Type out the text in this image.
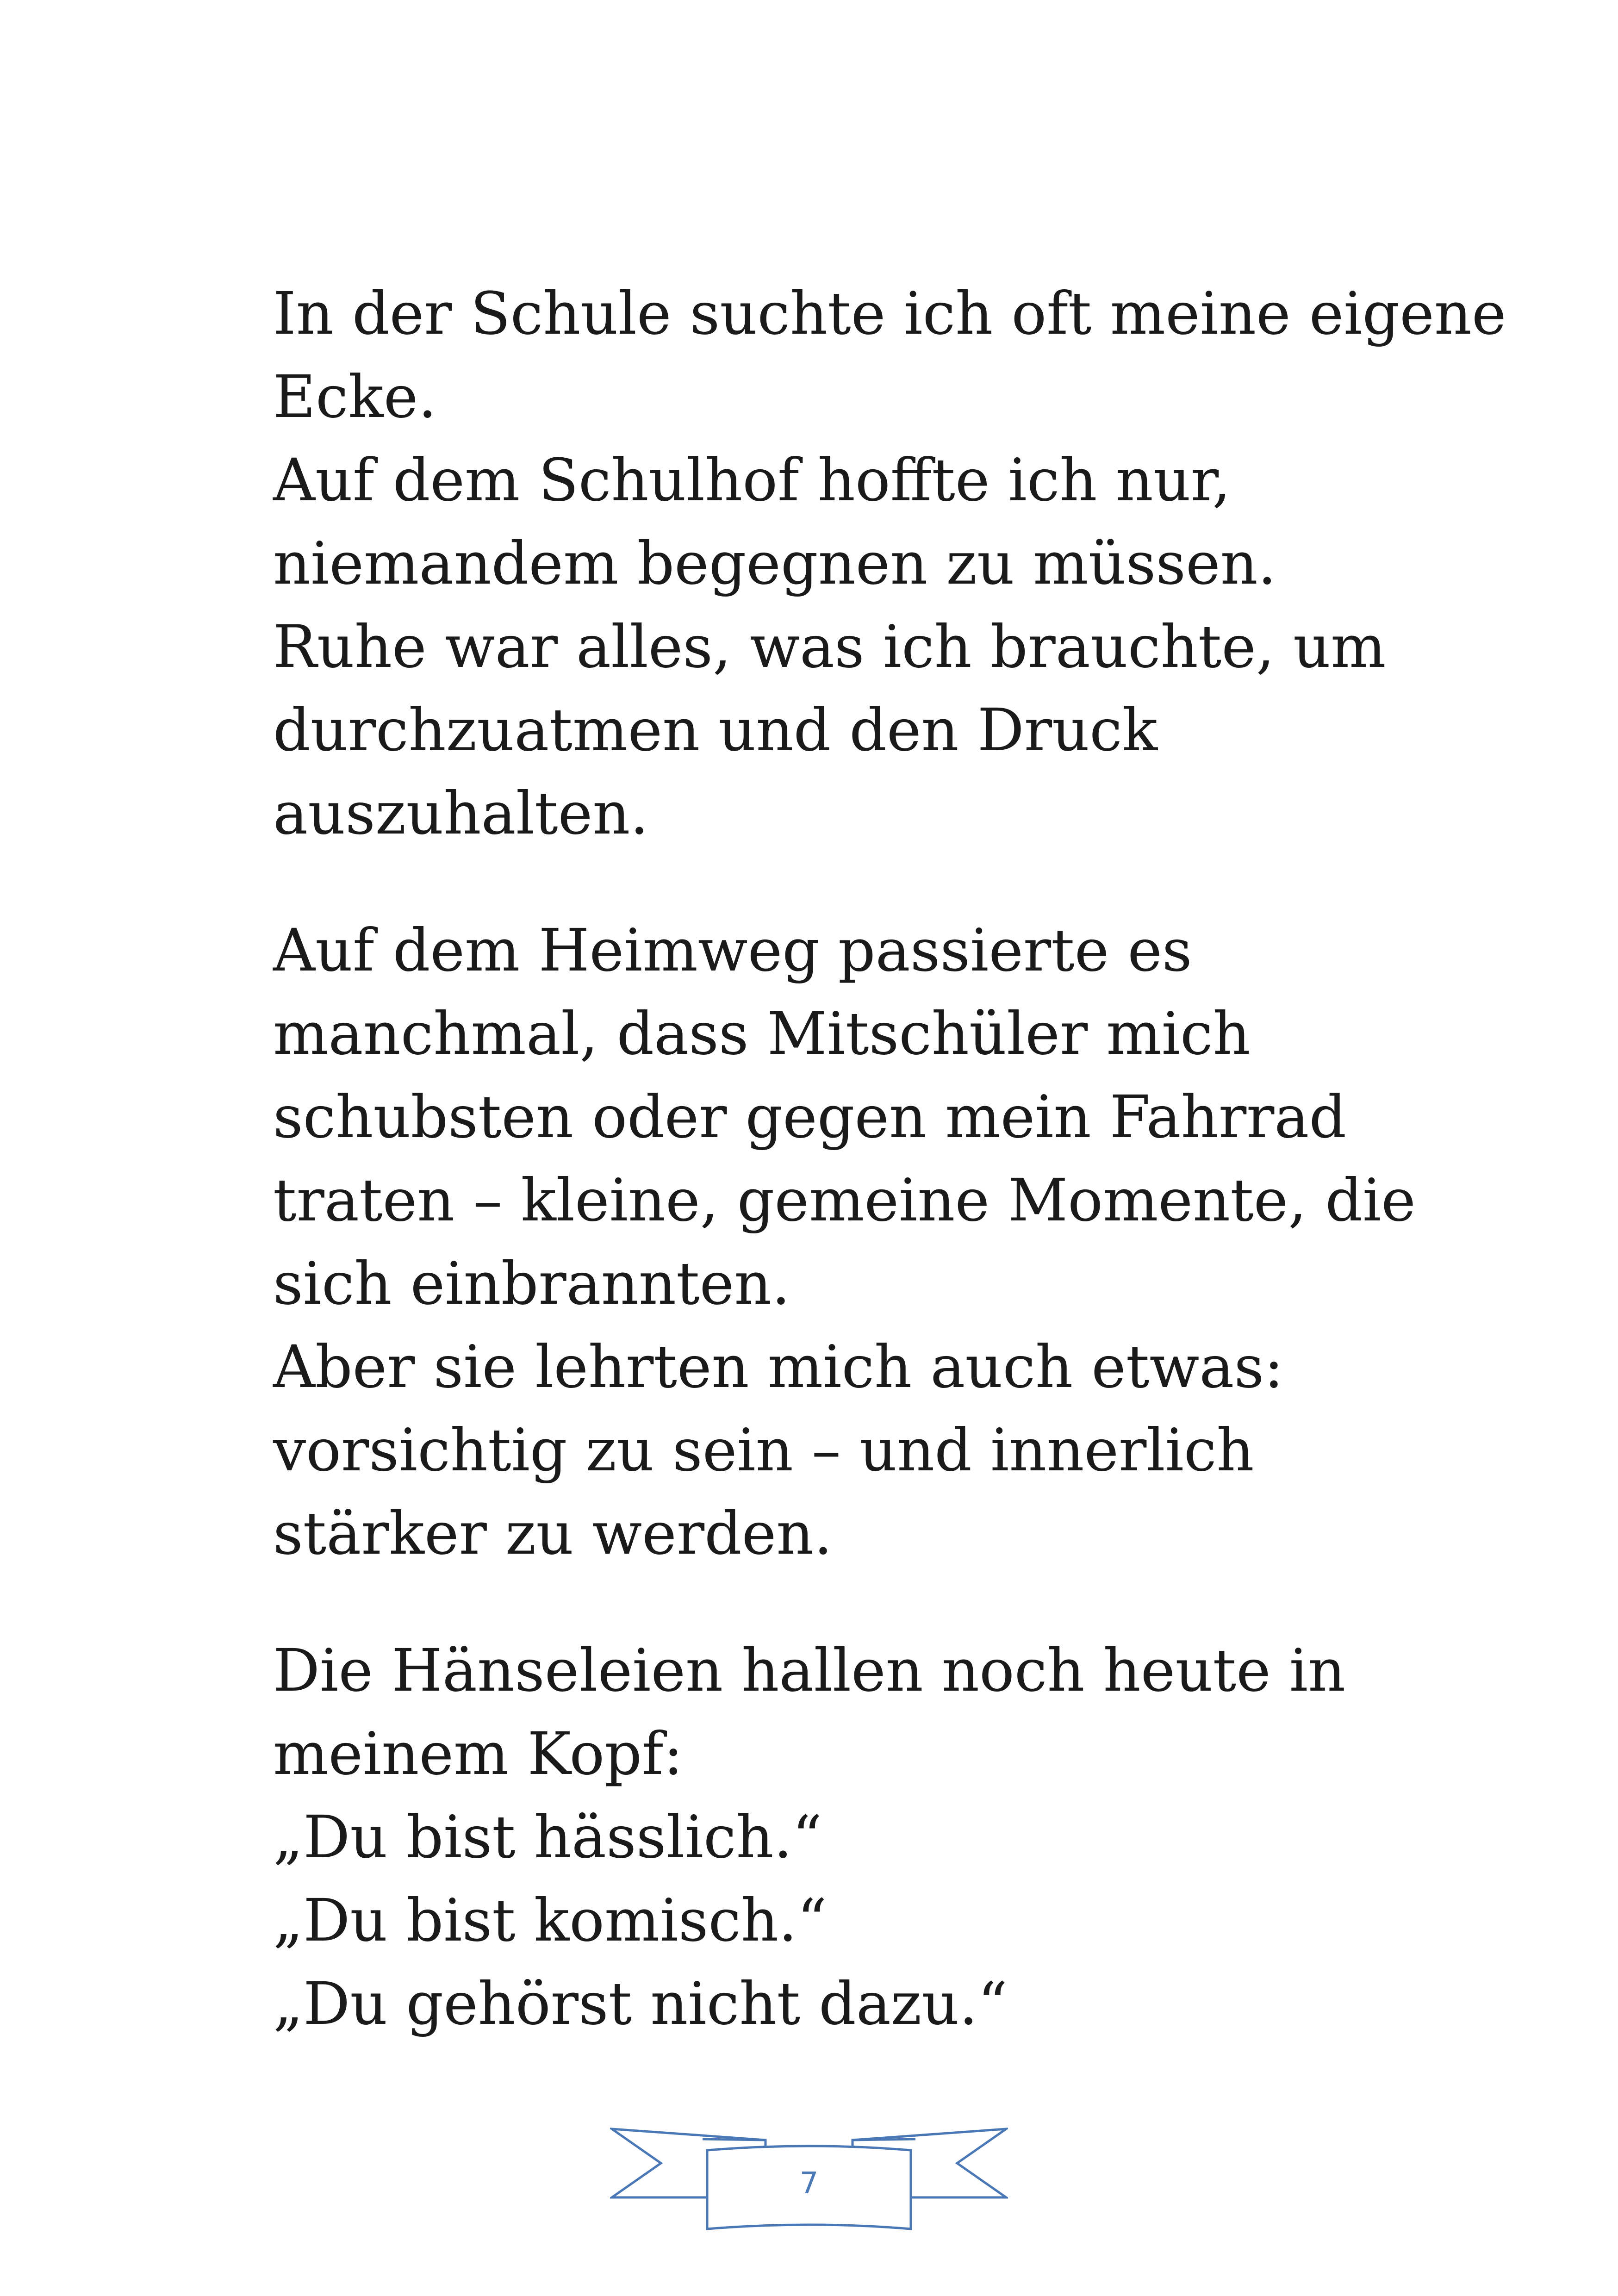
In der Schule suchte ich oft meine eigene
Ecke.
Auf dem Schulhof hoffte ich nur,
niemandem begegnen zu müssen.
Ruhe war alles, was ich brauchte, um
durchzuatmen und den Druck
auszuhalten.

Auf dem Heimweg passierte es
manchmal, dass Mitschüler mich
schubsten oder gegen mein Fahrrad
traten – kleine, gemeine Momente, die
sich einbrannten.
Aber sie lehrten mich auch etwas:
vorsichtig zu sein – und innerlich
stärker zu werden.

Die Hänseleien hallen noch heute in
meinem Kopf:
„Du bist hässlich.“
„Du bist komisch.“
„Du gehörst nicht dazu.“

7
